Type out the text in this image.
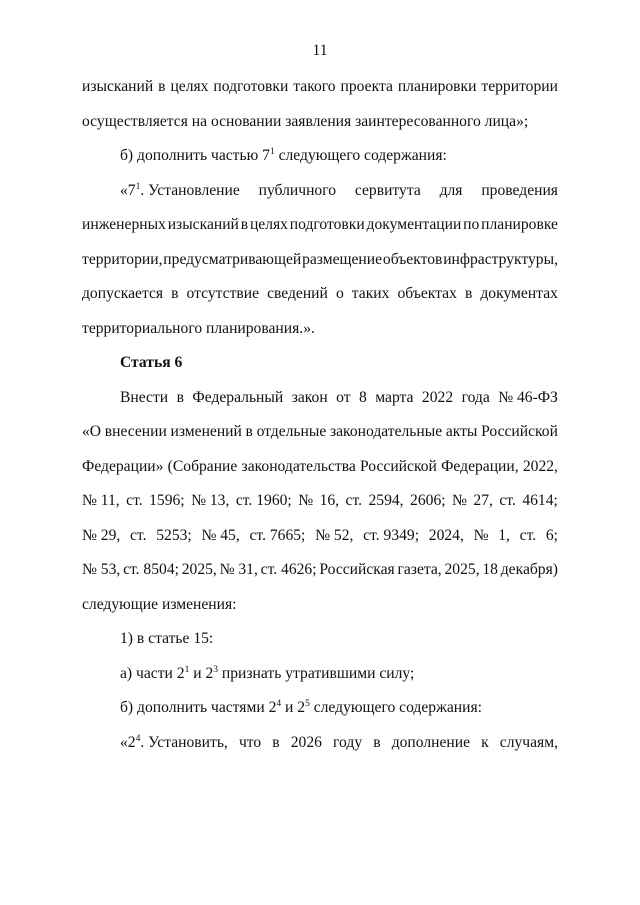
11
изысканий в целях подготовки такого проекта планировки территории
осуществляется на основании заявления заинтересованного лица»;
б) дополнить частью $7^1$ следующего содержания:
«$7^1$. Установление публичного сервитута для проведения
инженерных изысканий в целях подготовки документации по планировке
территории, предусматривающей размещение объектов инфраструктуры,
допускается в отсутствие сведений о таких объектах в документах
территориального планирования.».
Статья 6
Внести в Федеральный закон от 8 марта 2022 года № 46-ФЗ
«О внесении изменений в отдельные законодательные акты Российской
Федерации» (Собрание законодательства Российской Федерации, 2022,
№ 11, ст. 1596; № 13, ст. 1960; № 16, ст. 2594, 2606; № 27, ст. 4614;
№ 29, ст. 5253; № 45, ст. 7665; № 52, ст. 9349; 2024, № 1, ст. 6;
№ 53, ст. 8504; 2025, № 31, ст. 4626; Российская газета, 2025, 18 декабря)
следующие изменения:
1) в статье 15:
а) части $2^1$ и $2^3$ признать утратившими силу;
б) дополнить частями $2^4$ и $2^5$ следующего содержания:
«$2^4$. Установить, что в 2026 году в дополнение к случаям,
